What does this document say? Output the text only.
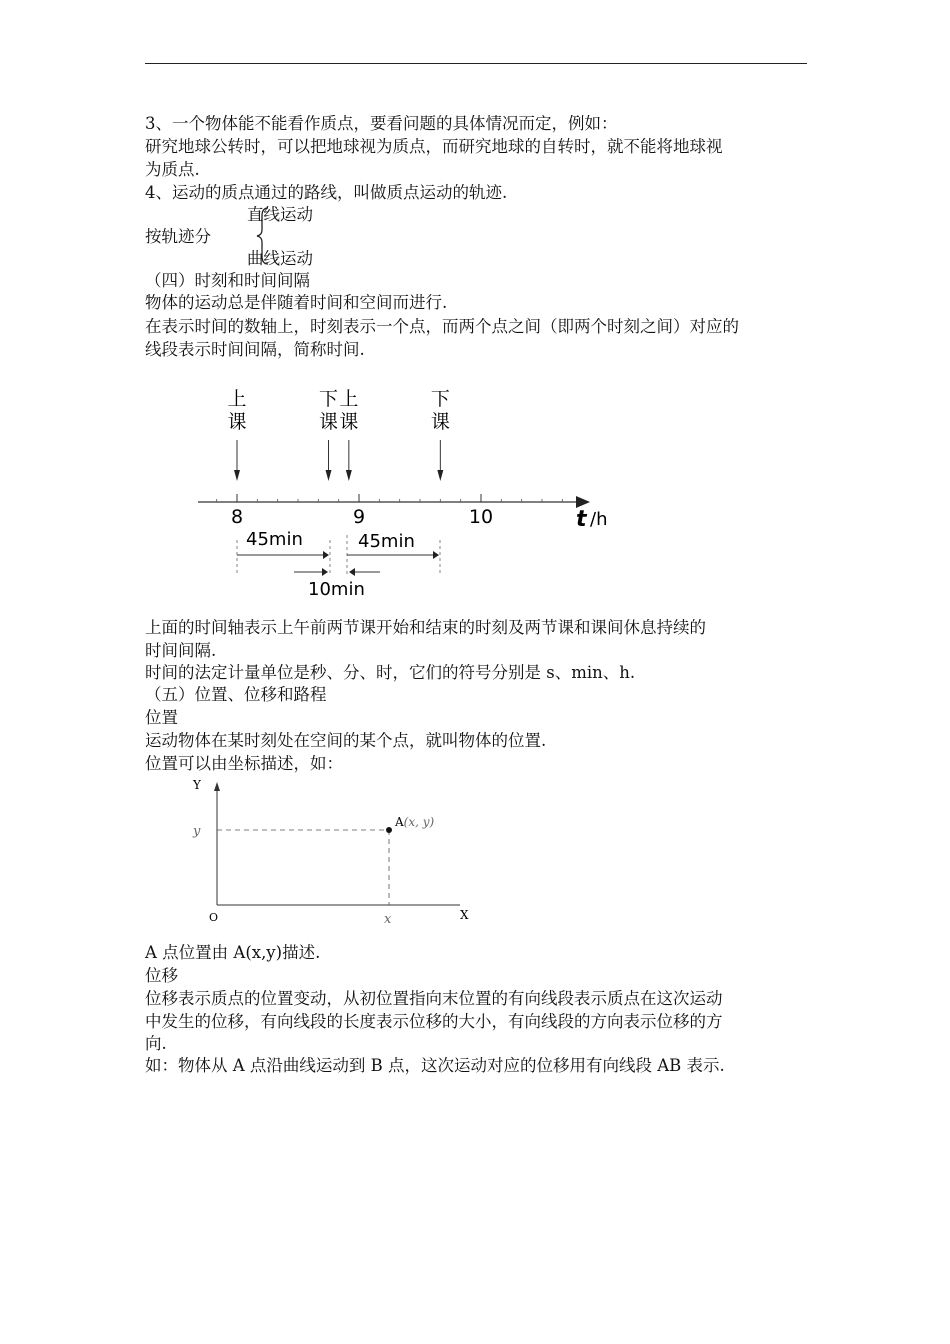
3、一个物体能不能看作质点，要看问题的具体情况而定，例如：
研究地球公转时，可以把地球视为质点，而研究地球的自转时，就不能将地球视
为质点.
4、运动的质点通过的路线，叫做质点运动的轨迹.
直线运动
按轨迹分
曲线运动
（四）时刻和时间间隔
物体的运动总是伴随着时间和空间而进行.
在表示时间的数轴上，时刻表示一个点，而两个点之间（即两个时刻之间）对应的
线段表示时间间隔，简称时间.
上
课
下
课
上
课
下
课
8	9	10	t /h
45min	45min
10min
上面的时间轴表示上午前两节课开始和结束的时刻及两节课和课间休息持续的
时间间隔.
时间的法定计量单位是秒、分、时，它们的符号分别是 s、min、h.
（五）位置、位移和路程
位置
运动物体在某时刻处在空间的某个点，就叫物体的位置.
位置可以由坐标描述，如：
Y
X
O
A(x, y)
y
x
A 点位置由 A(x,y)描述.
位移
位移表示质点的位置变动，从初位置指向末位置的有向线段表示质点在这次运动
中发生的位移，有向线段的长度表示位移的大小，有向线段的方向表示位移的方
向.
如：物体从 A 点沿曲线运动到 B 点，这次运动对应的位移用有向线段 AB 表示.
